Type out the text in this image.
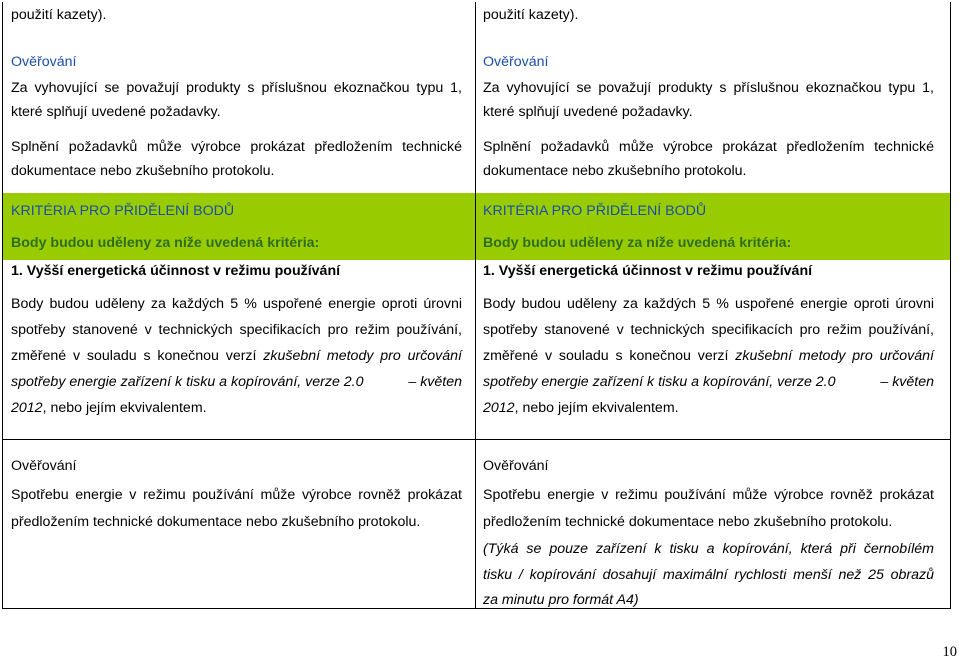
použití kazety).

Ověřování

Za vyhovující se považují produkty s příslušnou ekoznačkou typu 1,

které splňují uvedené požadavky.

Splnění požadavků může výrobce prokázat předložením technické

dokumentace nebo zkušebního protokolu.

KRITÉRIA PRO PŘIDĚLENÍ BODŮ

Body budou uděleny za níže uvedená kritéria:

1. Vyšší energetická účinnost v režimu používání

Body budou uděleny za každých 5 % uspořené energie oproti úrovni

spotřeby stanovené v technických specifikacích pro režim používání,

změřené v souladu s konečnou verzí zkušební metody pro určování

spotřeby energie zařízení k tisku a kopírování, verze 2.0	– květen

2012, nebo jejím ekvivalentem.

Ověřování

Spotřebu energie v režimu používání může výrobce rovněž prokázat

předložením technické dokumentace nebo zkušebního protokolu.

použití kazety).

Ověřování

Za vyhovující se považují produkty s příslušnou ekoznačkou typu 1,

které splňují uvedené požadavky.

Splnění požadavků může výrobce prokázat předložením technické

dokumentace nebo zkušebního protokolu.

KRITÉRIA PRO PŘIDĚLENÍ BODŮ

Body budou uděleny za níže uvedená kritéria:

1. Vyšší energetická účinnost v režimu používání

Body budou uděleny za každých 5 % uspořené energie oproti úrovni

spotřeby stanovené v technických specifikacích pro režim používání,

změřené v souladu s konečnou verzí zkušební metody pro určování

spotřeby energie zařízení k tisku a kopírování, verze 2.0	– květen

2012, nebo jejím ekvivalentem.

Ověřování

Spotřebu energie v režimu používání může výrobce rovněž prokázat

předložením technické dokumentace nebo zkušebního protokolu.

(Týká se pouze zařízení k tisku a kopírování, která při černobílém

tisku / kopírování dosahují maximální rychlosti menší než 25 obrazů

za minutu pro formát A4)

10
